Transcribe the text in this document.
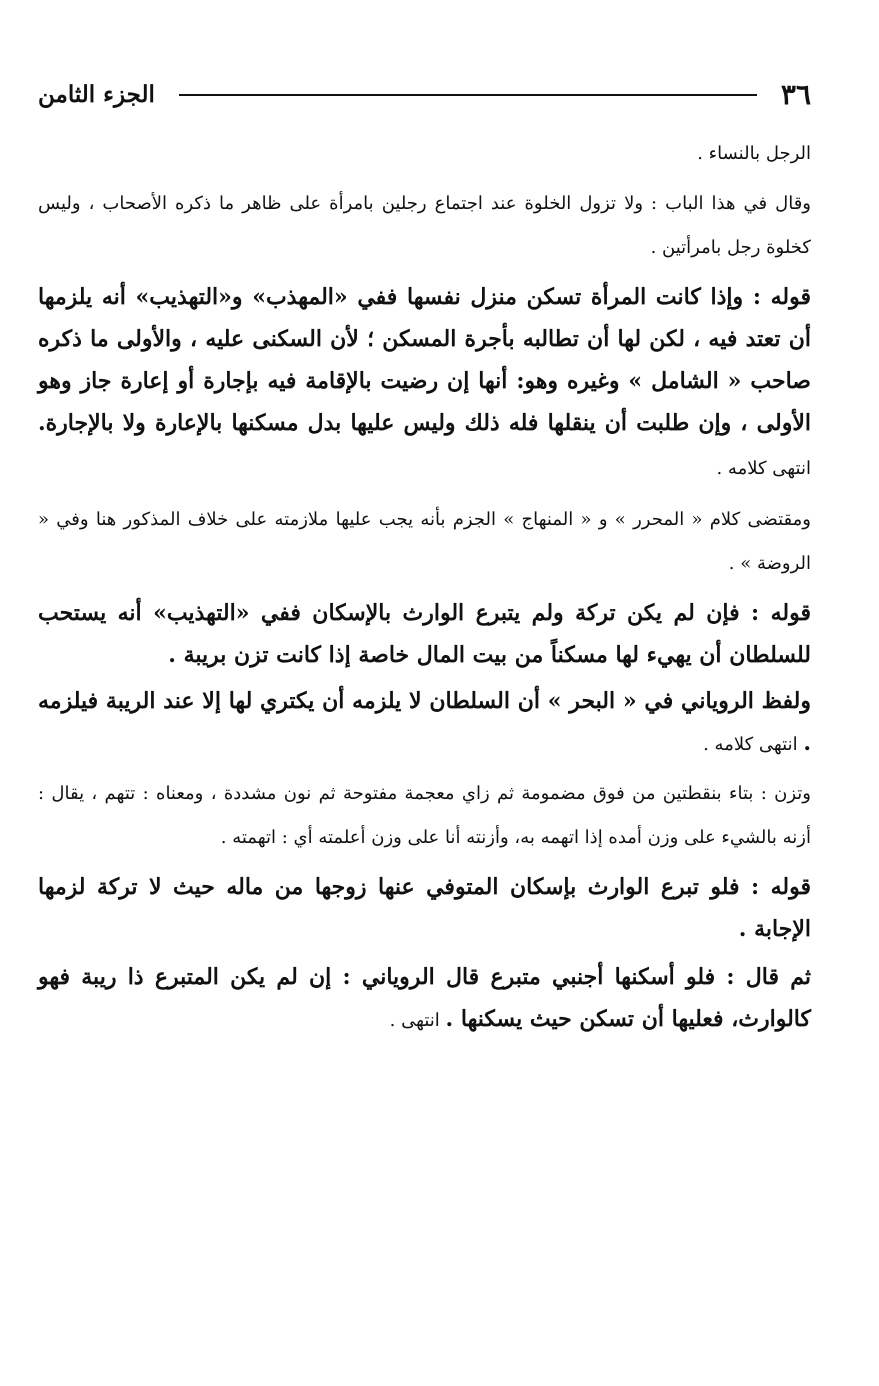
٣٦
الجزء الثامن

الرجل بالنساء .

وقال في هذا الباب : ولا تزول الخلوة عند اجتماع رجلين بامرأة على ظاهر ما ذكره الأصحاب ، وليس كخلوة رجل بامرأتين .

قوله : وإذا كانت المرأة تسكن منزل نفسها ففي «المهذب» و«التهذيب» أنه يلزمها أن تعتد فيه ، لكن لها أن تطالبه بأجرة المسكن ؛ لأن السكنى عليه ، والأولى ما ذكره صاحب « الشامل » وغيره وهو: أنها إن رضيت بالإقامة فيه بإجارة أو إعارة جاز وهو الأولى ، وإن طلبت أن ينقلها فله ذلك وليس عليها بدل مسكنها بالإعارة ولا بالإجارة. انتهى كلامه .

ومقتضى كلام « المحرر » و « المنهاج » الجزم بأنه يجب عليها ملازمته على خلاف المذكور هنا وفي « الروضة » .

قوله : فإن لم يكن تركة ولم يتبرع الوارث بالإسكان ففي «التهذيب» أنه يستحب للسلطان أن يهيء لها مسكناً من بيت المال خاصة إذا كانت تزن بريبة .

ولفظ الروياني في « البحر » أن السلطان لا يلزمه أن يكتري لها إلا عند الريبة فيلزمه . انتهى كلامه .

وتزن : بتاء بنقطتين من فوق مضمومة ثم زاي معجمة مفتوحة ثم نون مشددة ، ومعناه : تتهم ، يقال : أزنه بالشيء على وزن أمده إذا اتهمه به، وأزنته أنا على وزن أعلمته أي : اتهمته .

قوله : فلو تبرع الوارث بإسكان المتوفي عنها زوجها من ماله حيث لا تركة لزمها الإجابة .

ثم قال : فلو أسكنها أجنبي متبرع قال الروياني : إن لم يكن المتبرع ذا ريبة فهو كالوارث، فعليها أن تسكن حيث يسكنها . انتهى .
